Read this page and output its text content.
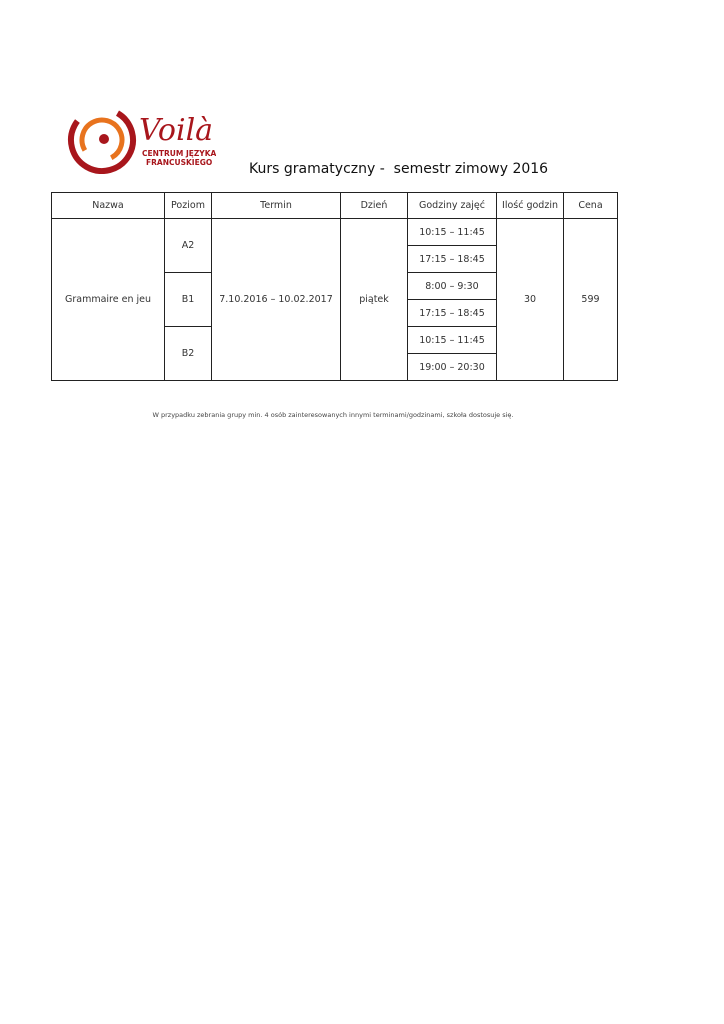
Voilà
CENTRUM JĘZYKA
FRANCUSKIEGO	Kurs gramatyczny -  semestr zimowy 2016
Nazwa	Poziom	Termin	Dzień	Godziny zajęć	Ilość godzin	Cena
Grammaire en jeu	A2	7.10.2016 – 10.02.2017	piątek	10:15 – 11:45	30	599
				17:15 – 18:45		
	B1			8:00 – 9:30		
				17:15 – 18:45		
	B2			10:15 – 11:45		
				19:00 – 20:30		
W przypadku zebrania grupy min. 4 osób zainteresowanych innymi terminami/godzinami, szkoła dostosuje się.
